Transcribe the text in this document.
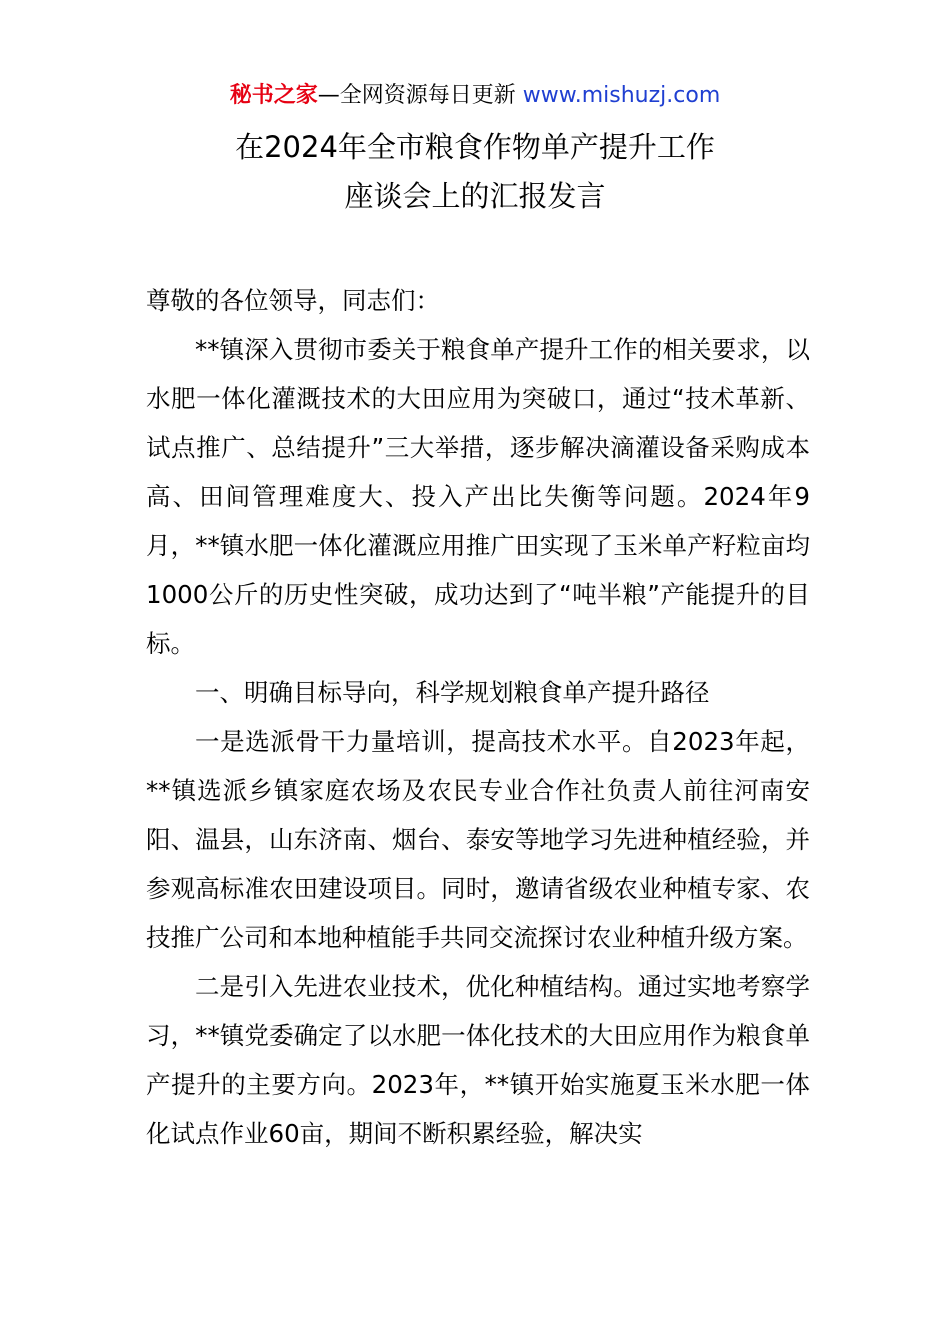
秘书之家—全网资源每日更新 www.mishuzj.com
在2024年全市粮食作物单产提升工作
座谈会上的汇报发言

尊敬的各位领导，同志们：

**镇深入贯彻市委关于粮食单产提升工作的相关要求，以水肥一体化灌溉技术的大田应用为突破口，通过“技术革新、试点推广、总结提升”三大举措，逐步解决滴灌设备采购成本高、田间管理难度大、投入产出比失衡等问题。2024年9月，**镇水肥一体化灌溉应用推广田实现了玉米单产籽粒亩均1000公斤的历史性突破，成功达到了“吨半粮”产能提升的目标。

一、明确目标导向，科学规划粮食单产提升路径

一是选派骨干力量培训，提高技术水平。自2023年起，**镇选派乡镇家庭农场及农民专业合作社负责人前往河南安阳、温县，山东济南、烟台、泰安等地学习先进种植经验，并参观高标准农田建设项目。同时，邀请省级农业种植专家、农技推广公司和本地种植能手共同交流探讨农业种植升级方案。

二是引入先进农业技术，优化种植结构。通过实地考察学习，**镇党委确定了以水肥一体化技术的大田应用作为粮食单产提升的主要方向。2023年，**镇开始实施夏玉米水肥一体化试点作业60亩，期间不断积累经验，解决实
